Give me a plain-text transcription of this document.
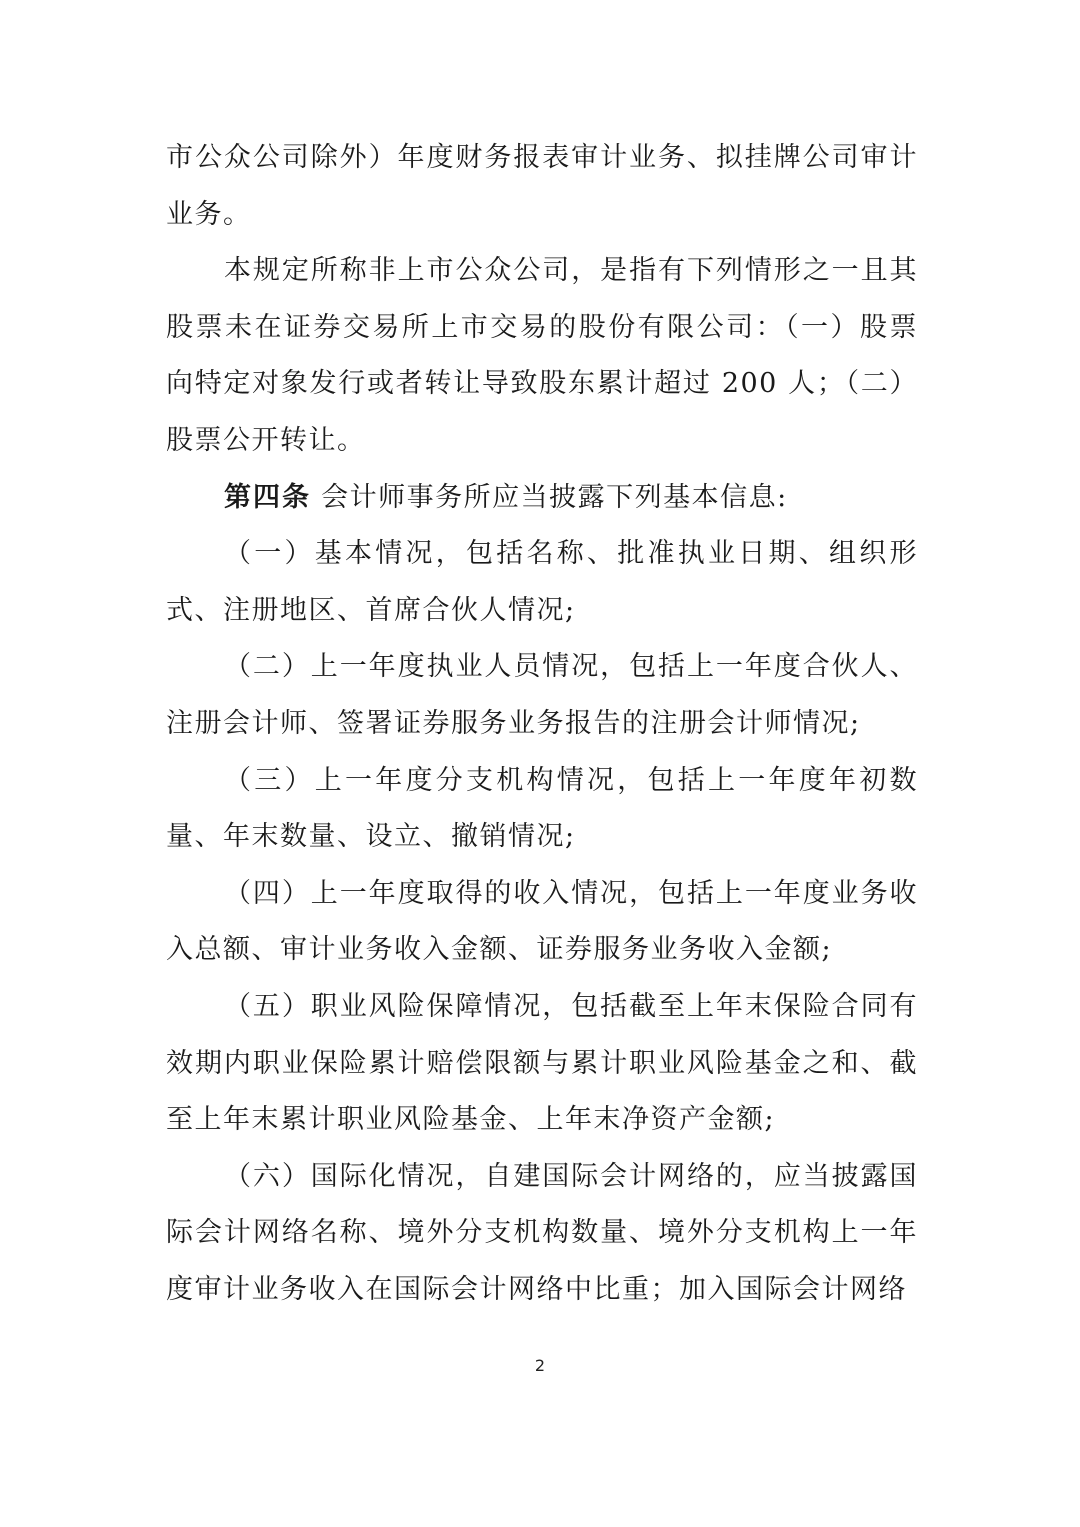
市公众公司除外）年度财务报表审计业务、拟挂牌公司审计业务。

本规定所称非上市公众公司，是指有下列情形之一且其股票未在证券交易所上市交易的股份有限公司：（一）股票向特定对象发行或者转让导致股东累计超过 200 人；（二）股票公开转让。

第四条 会计师事务所应当披露下列基本信息:

（一）基本情况，包括名称、批准执业日期、组织形式、注册地区、首席合伙人情况;

（二）上一年度执业人员情况，包括上一年度合伙人、注册会计师、签署证券服务业务报告的注册会计师情况;

（三）上一年度分支机构情况，包括上一年度年初数量、年末数量、设立、撤销情况;

（四）上一年度取得的收入情况，包括上一年度业务收入总额、审计业务收入金额、证券服务业务收入金额;

（五）职业风险保障情况，包括截至上年末保险合同有效期内职业保险累计赔偿限额与累计职业风险基金之和、截至上年末累计职业风险基金、上年末净资产金额;

（六）国际化情况，自建国际会计网络的，应当披露国际会计网络名称、境外分支机构数量、境外分支机构上一年度审计业务收入在国际会计网络中比重；加入国际会计网络

2
